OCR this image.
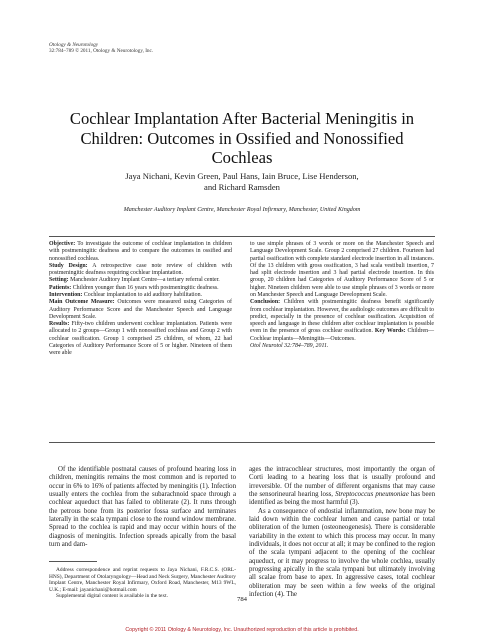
Otology & Neurotology
32:784–789 © 2011, Otology & Neurotology, Inc.
Cochlear Implantation After Bacterial Meningitis in Children: Outcomes in Ossified and Nonossified Cochleas
Jaya Nichani, Kevin Green, Paul Hans, Iain Bruce, Lise Henderson,
and Richard Ramsden
Manchester Auditory Implant Centre, Manchester Royal Infirmary, Manchester, United Kingdom

Objective: To investigate the outcome of cochlear implantation in children with postmeningitic deafness and to compare the outcomes in ossified and nonossified cochleas.

Study Design: A retrospective case note review of children with postmeningitic deafness requiring cochlear implantation.

Setting: Manchester Auditory Implant Centre—a tertiary referral center.

Patients: Children younger than 16 years with postmeningitic deafness.

Intervention: Cochlear implantation to aid auditory habilitation.

Main Outcome Measure: Outcomes were measured using Categories of Auditory Performance Score and the Manchester Speech and Language Development Scale.

Results: Fifty-two children underwent cochlear implantation. Patients were allocated to 2 groups—Group 1 with nonossified cochleas and Group 2 with cochlear ossification. Group 1 comprised 25 children, of whom, 22 had Categories of Auditory Performance Score of 5 or higher. Nineteen of them were able

to use simple phrases of 3 words or more on the Manchester Speech and Language Development Scale. Group 2 comprised 27 children. Fourteen had partial ossification with complete standard electrode insertion in all instances. Of the 13 children with gross ossification, 3 had scala vestibuli insertion, 7 had split electrode insertion and 3 had partial electrode insertion. In this group, 20 children had Categories of Auditory Performance Score of 5 or higher. Nineteen children were able to use simple phrases of 3 words or more on Manchester Speech and Language Development Scale.

Conclusion: Children with postmeningitic deafness benefit significantly from cochlear implantation. However, the audiologic outcomes are difficult to predict, especially in the presence of cochlear ossification. Acquisition of speech and language in these children after cochlear implantation is possible even in the presence of gross cochlear ossification. Key Words: Children—Cochlear implants—Meningitis—Outcomes.

Otol Neurotol 32:784–789, 2011.

Of the identifiable postnatal causes of profound hearing loss in children, meningitis remains the most common and is reported to occur in 6% to 16% of patients affected by meningitis (1). Infection usually enters the cochlea from the subarachnoid space through a cochlear aqueduct that has failed to obliterate (2). It runs through the petrous bone from its posterior fossa surface and terminates laterally in the scala tympani close to the round window membrane. Spread to the cochlea is rapid and may occur within hours of the diagnosis of meningitis. Infection spreads apically from the basal turn and dam-

Address correspondence and reprint requests to Jaya Nichani, F.R.C.S. (ORL-HNS), Department of Otolaryngology—Head and Neck Surgery, Manchester Auditory Implant Centre, Manchester Royal Infirmary, Oxford Road, Manchester, M13 9WL, U.K.; E-mail: jayanichani@hotmail.com

Supplemental digital content is available in the text.

ages the intracochlear structures, most importantly the organ of Corti leading to a hearing loss that is usually profound and irreversible. Of the number of different organisms that may cause the sensorineural hearing loss, Streptococcus pneumoniae has been identified as being the most harmful (3).

As a consequence of endostial inflammation, new bone may be laid down within the cochlear lumen and cause partial or total obliteration of the lumen (osteoneogenesis). There is considerable variability in the extent to which this process may occur. In many individuals, it does not occur at all; it may be confined to the region of the scala tympani adjacent to the opening of the cochlear aqueduct, or it may progress to involve the whole cochlea, usually progressing apically in the scala tympani but ultimately involving all scalae from base to apex. In aggressive cases, total cochlear obliteration may be seen within a few weeks of the original infection (4). The

784
Copyright © 2011 Otology & Neurotology, Inc. Unauthorized reproduction of this article is prohibited.
